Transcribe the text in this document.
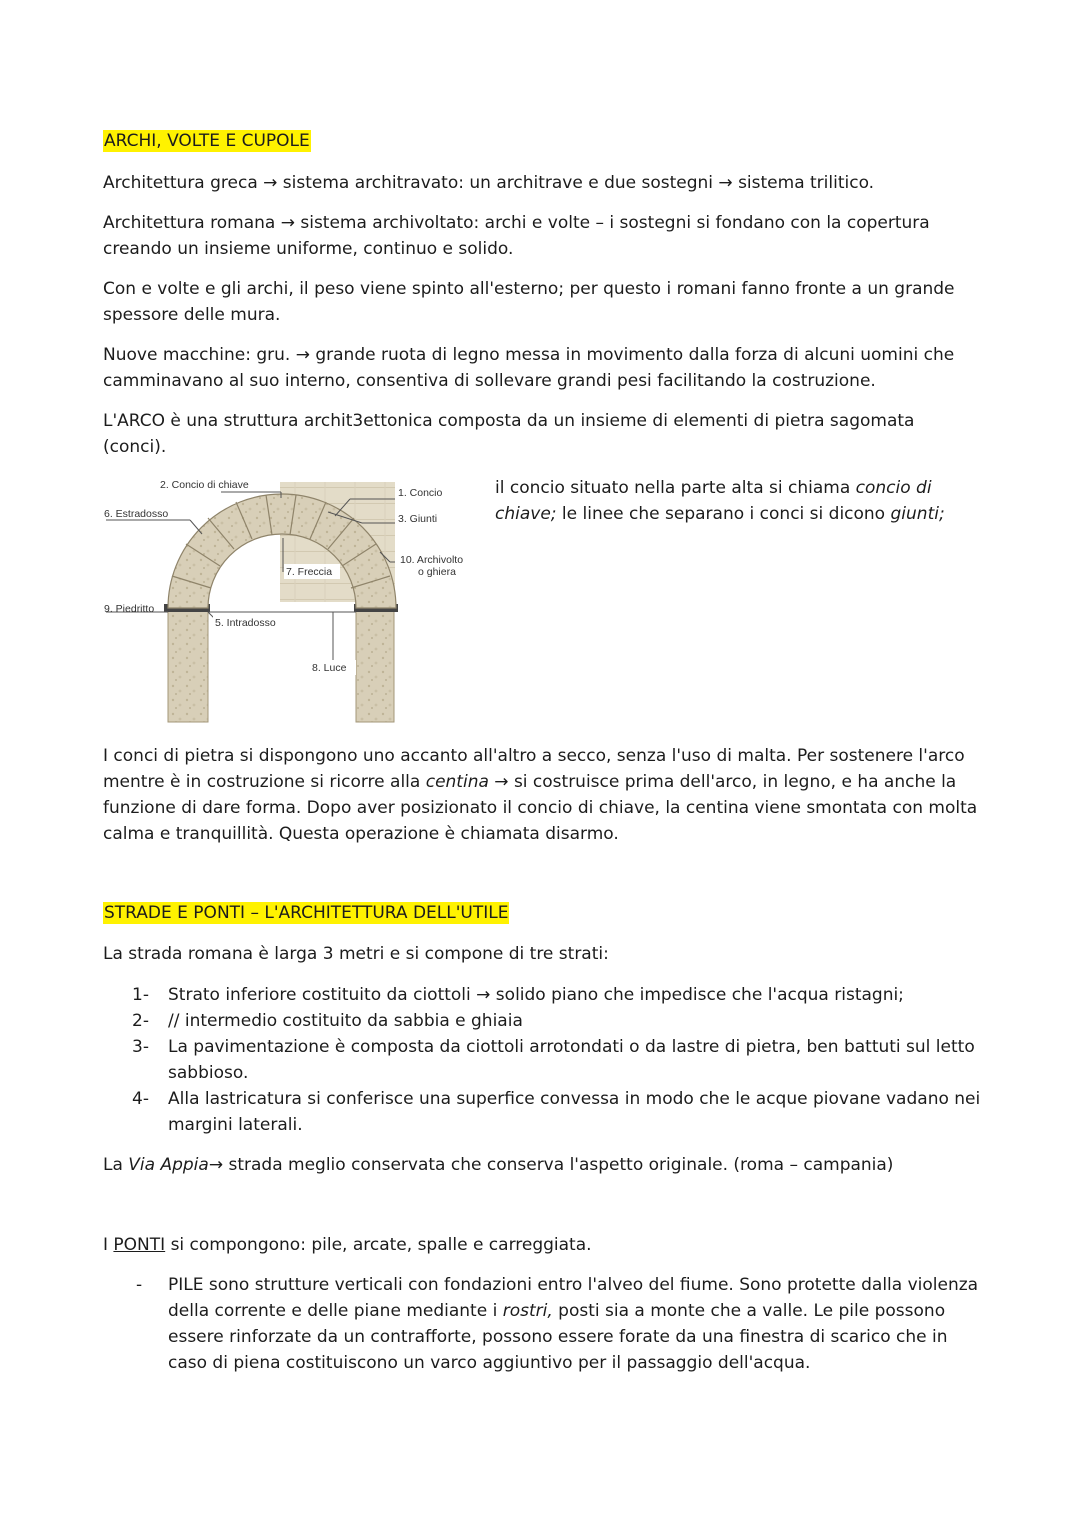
ARCHI, VOLTE E CUPOLE

Architettura greca → sistema architravato: un architrave e due sostegni → sistema trilitico.

Architettura romana → sistema archivoltato: archi e volte – i sostegni si fondano con la copertura creando un insieme uniforme, continuo e solido.

Con e volte e gli archi, il peso viene spinto all'esterno; per questo i romani fanno fronte a un grande spessore delle mura.

Nuove macchine: gru. → grande ruota di legno messa in movimento dalla forza di alcuni uomini che camminavano al suo interno, consentiva di sollevare grandi pesi facilitando la costruzione.

L'ARCO è una struttura archit3ettonica composta da un insieme di elementi di pietra sagomata (conci).

2. Concio di chiave
1. Concio
6. Estradosso	3. Giunti
10. Archivolto
o ghiera
7. Freccia
9. Piedritto
5. Intradosso
8. Luce

il concio situato nella parte alta si chiama concio di chiave; le linee che separano i conci si dicono giunti;

I conci di pietra si dispongono uno accanto all'altro a secco, senza l'uso di malta. Per sostenere l'arco mentre è in costruzione si ricorre alla centina → si costruisce prima dell'arco, in legno, e ha anche la funzione di dare forma. Dopo aver posizionato il concio di chiave, la centina viene smontata con molta calma e tranquillità. Questa operazione è chiamata disarmo.

STRADE E PONTI – L'ARCHITETTURA DELL'UTILE

La strada romana è larga 3 metri e si compone di tre strati:

1- Strato inferiore costituito da ciottoli → solido piano che impedisce che l'acqua ristagni;
2- // intermedio costituito da sabbia e ghiaia
3- La pavimentazione è composta da ciottoli arrotondati o da lastre di pietra, ben battuti sul letto sabbioso.
4- Alla lastricatura si conferisce una superfice convessa in modo che le acque piovane vadano nei margini laterali.

La Via Appia→ strada meglio conservata che conserva l'aspetto originale. (roma – campania)

I PONTI si compongono: pile, arcate, spalle e carreggiata.

- PILE sono strutture verticali con fondazioni entro l'alveo del fiume. Sono protette dalla violenza della corrente e delle piane mediante i rostri, posti sia a monte che a valle. Le pile possono essere rinforzate da un contrafforte, possono essere forate da una finestra di scarico che in caso di piena costituiscono un varco aggiuntivo per il passaggio dell'acqua.
